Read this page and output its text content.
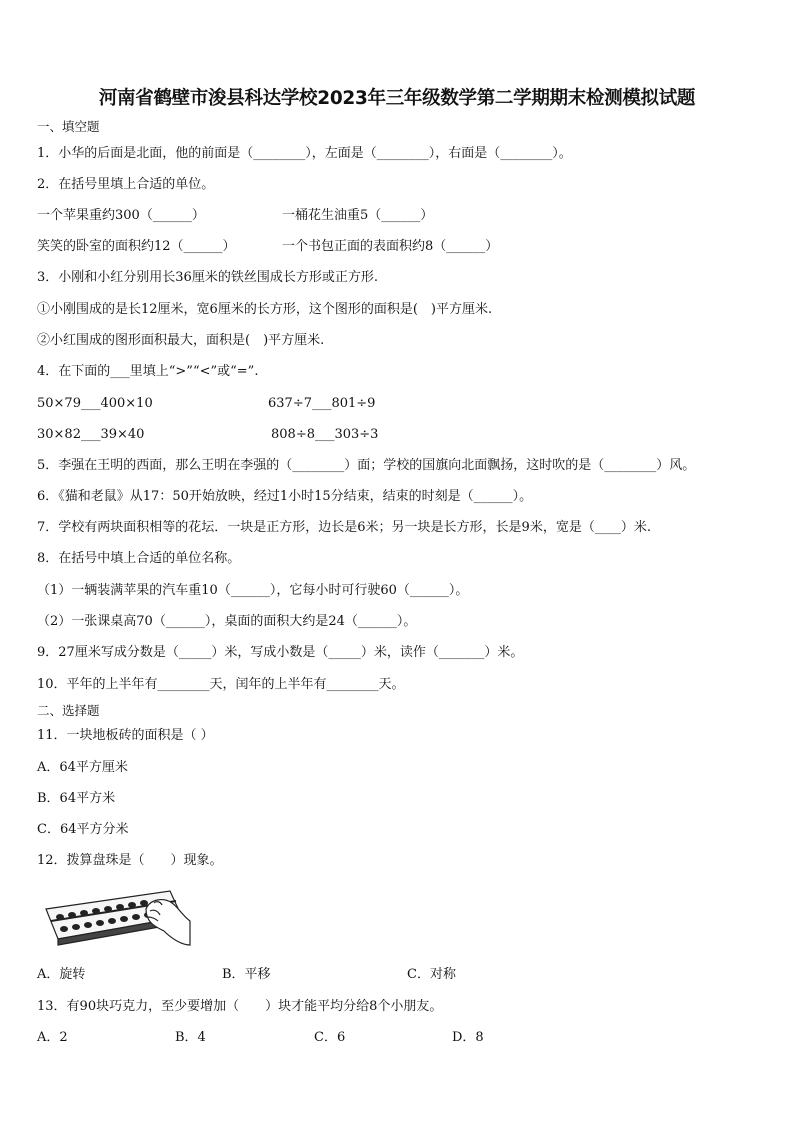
河南省鹤壁市浚县科达学校2023年三年级数学第二学期期末检测模拟试题
一、填空题
1．小华的后面是北面，他的前面是（________），左面是（________），右面是（________）。
2．在括号里填上合适的单位。
一个苹果重约300（______）	一桶花生油重5（______）
笑笑的卧室的面积约12（______）	一个书包正面的表面积约8（______）
3．小刚和小红分别用长36厘米的铁丝围成长方形或正方形.
①小刚围成的是长12厘米，宽6厘米的长方形，这个图形的面积是(　)平方厘米.
②小红围成的图形面积最大，面积是(　)平方厘米.
4．在下面的___里填上“>”“<”或“=”.
50×79___400×10	637÷7___801÷9
30×82___39×40	808÷8___303÷3
5．李强在王明的西面，那么王明在李强的（________）面；学校的国旗向北面飘扬，这时吹的是（________）风。
6．《猫和老鼠》从17：50开始放映，经过1小时15分结束，结束的时刻是（______）。
7．学校有两块面积相等的花坛．一块是正方形，边长是6米；另一块是长方形，长是9米，宽是（____）米.
8．在括号中填上合适的单位名称。
（1）一辆装满苹果的汽车重10（______），它每小时可行驶60（______）。
（2）一张课桌高70（______），桌面的面积大约是24（______）。
9．27厘米写成分数是（_____）米，写成小数是（_____）米，读作（_______）米。
10．平年的上半年有________天，闰年的上半年有________天。
二、选择题
11．一块地板砖的面积是（ ）
A．64平方厘米
B．64平方米
C．64平方分米
12．拨算盘珠是（　　）现象。
A．旋转	B．平移	C．对称
13．有90块巧克力，至少要增加（　　）块才能平均分给8个小朋友。
A．2	B．4	C．6	D．8
